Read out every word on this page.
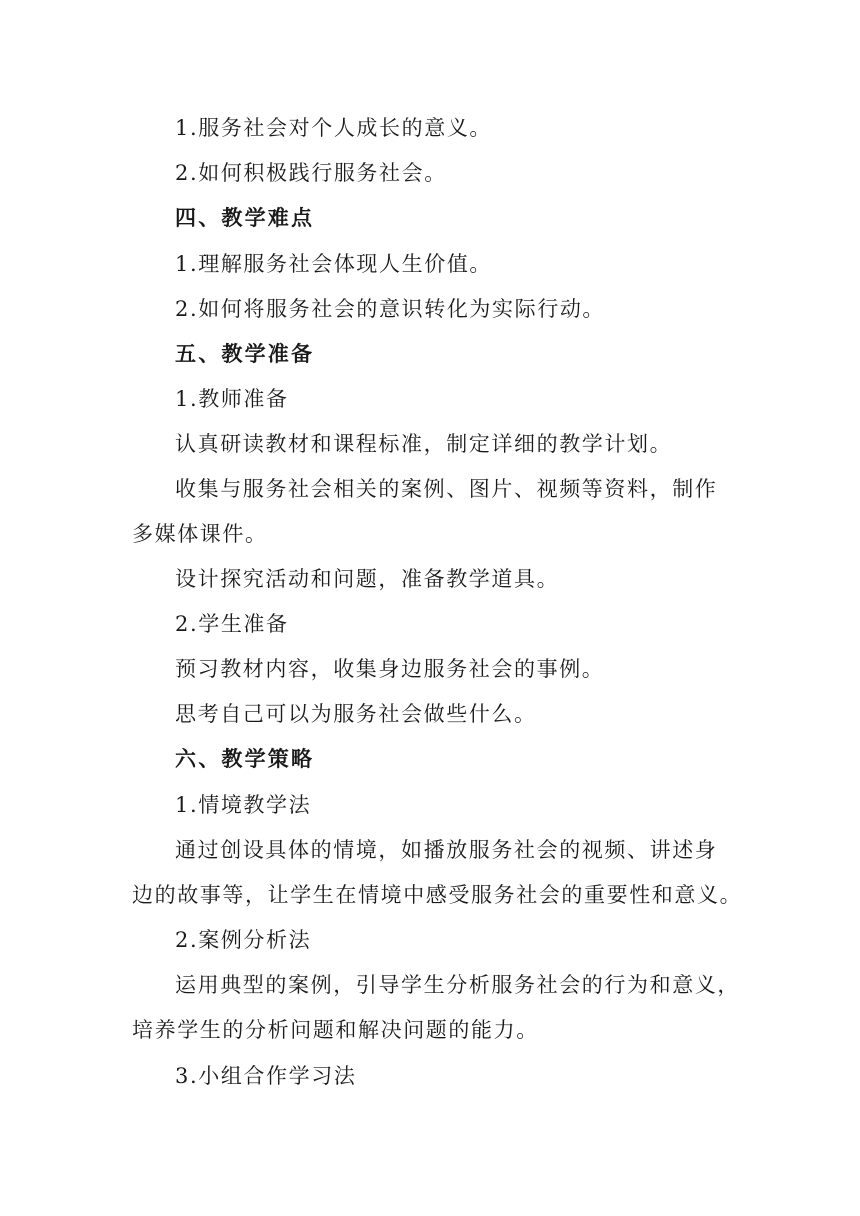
1.服务社会对个人成长的意义。
2.如何积极践行服务社会。
四、教学难点
1.理解服务社会体现人生价值。
2.如何将服务社会的意识转化为实际行动。
五、教学准备
1.教师准备
认真研读教材和课程标准，制定详细的教学计划。
收集与服务社会相关的案例、图片、视频等资料，制作
多媒体课件。
设计探究活动和问题，准备教学道具。
2.学生准备
预习教材内容，收集身边服务社会的事例。
思考自己可以为服务社会做些什么。
六、教学策略
1.情境教学法
通过创设具体的情境，如播放服务社会的视频、讲述身
边的故事等，让学生在情境中感受服务社会的重要性和意义。
2.案例分析法
运用典型的案例，引导学生分析服务社会的行为和意义，
培养学生的分析问题和解决问题的能力。
3.小组合作学习法
